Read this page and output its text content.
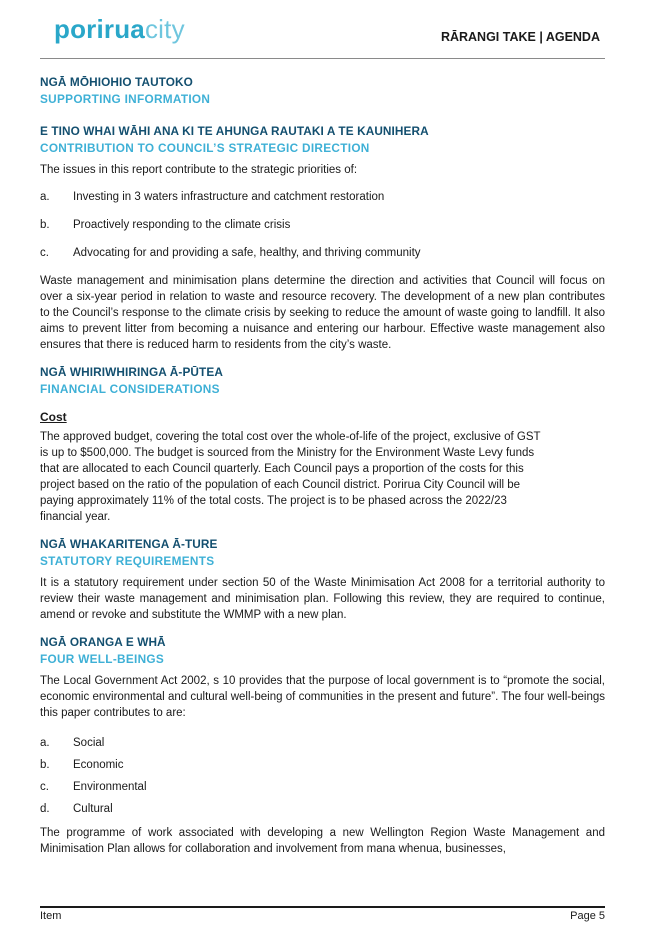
poriruacity	RĀRANGI TAKE | AGENDA

NGĀ MŌHIOHIO TAUTOKO

SUPPORTING INFORMATION

E TINO WHAI WĀHI ANA KI TE AHUNGA RAUTAKI A TE KAUNIHERA

CONTRIBUTION TO COUNCIL’S STRATEGIC DIRECTION

The issues in this report contribute to the strategic priorities of:

a.	Investing in 3 waters infrastructure and catchment restoration
b.	Proactively responding to the climate crisis
c.	Advocating for and providing a safe, healthy, and thriving community

Waste management and minimisation plans determine the direction and activities that Council will focus on over a six-year period in relation to waste and resource recovery. The development of a new plan contributes to the Council’s response to the climate crisis by seeking to reduce the amount of waste going to landfill. It also aims to prevent litter from becoming a nuisance and entering our harbour. Effective waste management also ensures that there is reduced harm to residents from the city’s waste.

NGĀ WHIRIWHIRINGA Ā-PŪTEA

FINANCIAL CONSIDERATIONS

Cost

The approved budget, covering the total cost over the whole-of-life of the project, exclusive of GST
is up to $500,000. The budget is sourced from the Ministry for the Environment Waste Levy funds
that are allocated to each Council quarterly. Each Council pays a proportion of the costs for this
project based on the ratio of the population of each Council district. Porirua City Council will be
paying approximately 11% of the total costs. The project is to be phased across the 2022/23
financial year.

NGĀ WHAKARITENGA Ā-TURE

STATUTORY REQUIREMENTS

It is a statutory requirement under section 50 of the Waste Minimisation Act 2008 for a territorial authority to review their waste management and minimisation plan. Following this review, they are required to continue, amend or revoke and substitute the WMMP with a new plan.

NGĀ ORANGA E WHĀ

FOUR WELL-BEINGS

The Local Government Act 2002, s 10 provides that the purpose of local government is to “promote the social, economic environmental and cultural well-being of communities in the present and future”. The four well-beings this paper contributes to are:

a.	Social
b.	Economic
c.	Environmental
d.	Cultural

The programme of work associated with developing a new Wellington Region Waste Management and Minimisation Plan allows for collaboration and involvement from mana whenua, businesses,

Item	Page 5
